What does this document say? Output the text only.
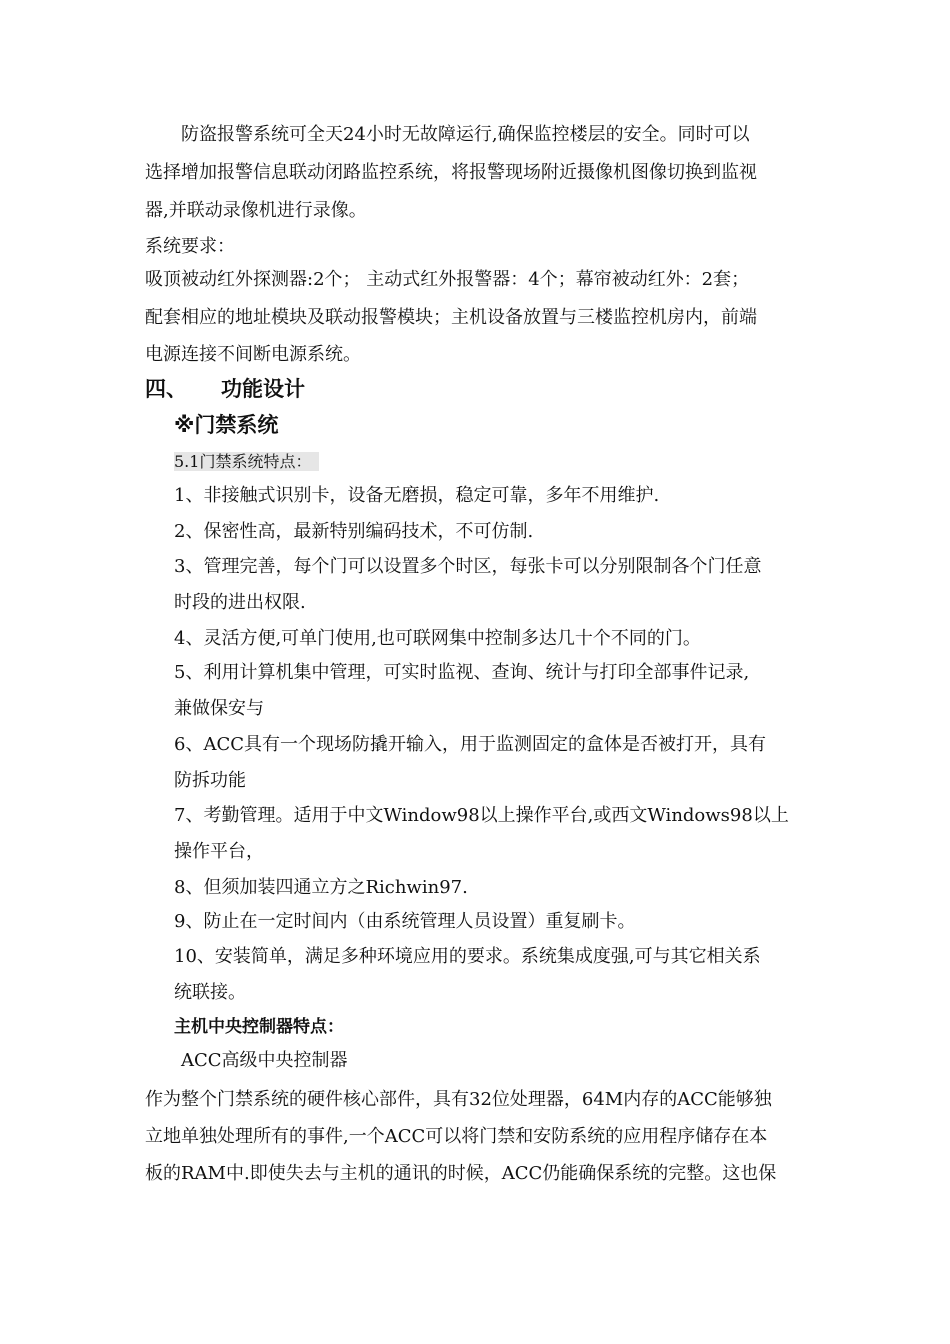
防盗报警系统可全天24小时无故障运行,确保监控楼层的安全。同时可以
选择增加报警信息联动闭路监控系统，将报警现场附近摄像机图像切换到监视
器,并联动录像机进行录像。
系统要求：
吸顶被动红外探测器:2个； 主动式红外报警器：4个；幕帘被动红外：2套；
配套相应的地址模块及联动报警模块；主机设备放置与三楼监控机房内，前端
电源连接不间断电源系统。
四、 功能设计
※门禁系统
5.1门禁系统特点：
1、非接触式识别卡，设备无磨损，稳定可靠，多年不用维护.
2、保密性高，最新特别编码技术，不可仿制.
3、管理完善，每个门可以设置多个时区，每张卡可以分别限制各个门任意
时段的进出权限.
4、灵活方便,可单门使用,也可联网集中控制多达几十个不同的门。
5、利用计算机集中管理，可实时监视、查询、统计与打印全部事件记录,
兼做保安与
6、ACC具有一个现场防撬开输入，用于监测固定的盒体是否被打开，具有
防拆功能
7、考勤管理。适用于中文Window98以上操作平台,或西文Windows98以上
操作平台，
8、但须加装四通立方之Richwin97.
9、防止在一定时间内（由系统管理人员设置）重复刷卡。
10、安装简单，满足多种环境应用的要求。系统集成度强,可与其它相关系
统联接。
主机中央控制器特点：
ACC高级中央控制器
作为整个门禁系统的硬件核心部件，具有32位处理器，64M内存的ACC能够独
立地单独处理所有的事件,一个ACC可以将门禁和安防系统的应用程序储存在本
板的RAM中.即使失去与主机的通讯的时候，ACC仍能确保系统的完整。这也保
